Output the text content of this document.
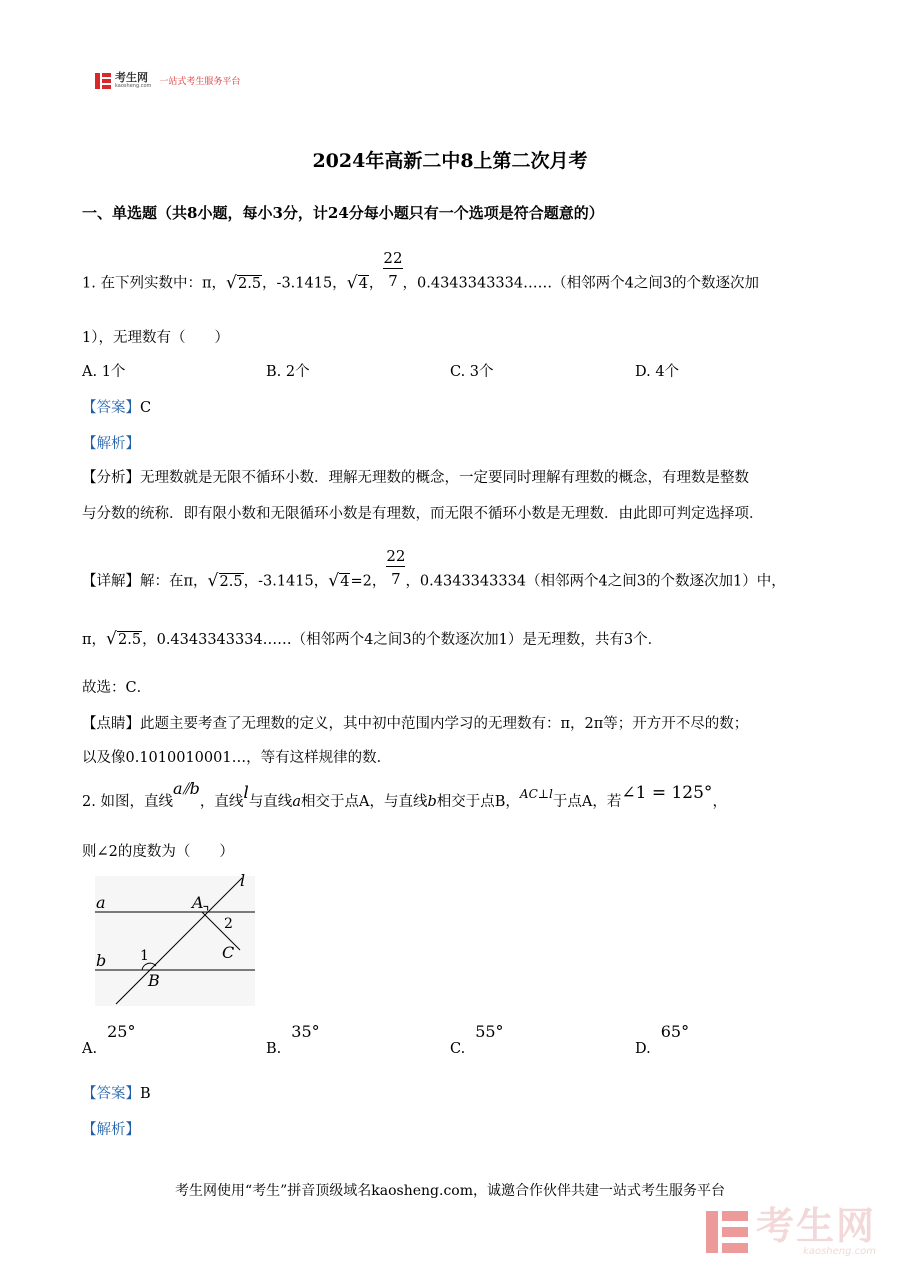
考生网
kaosheng.com 一站式考生服务平台
2024年高新二中8上第二次月考
一、单选题（共8小题，每小3分，计24分每小题只有一个选项是符合题意的）
1. 在下列实数中：π， √ 2.5，-3.1415， √ 4， $\frac{22}{7}$ ，0.4343343334……（相邻两个4之间3的个数逐次加
1），无理数有（　　）
A. 1个	B. 2个	C. 3个	D. 4个
【答案】C
【解析】
【分析】无理数就是无限不循环小数．理解无理数的概念，一定要同时理解有理数的概念，有理数是整数
与分数的统称．即有限小数和无限循环小数是有理数，而无限不循环小数是无理数．由此即可判定选择项．
【详解】解：在π， √ 2.5，-3.1415， √ 4=2， $\frac{22}{7}$ ，0.4343343334（相邻两个4之间3的个数逐次加1）中，
π， √ 2.5，0.4343343334……（相邻两个4之间3的个数逐次加1）是无理数，共有3个．
故选：C．
【点睛】此题主要考查了无理数的定义，其中初中范围内学习的无理数有：π，2π等；开方开不尽的数；
以及像0.1010010001…，等有这样规律的数．
2. 如图，直线a⫽b，直线l与直线a相交于点A，与直线b相交于点B，$^{AC\perp l}$于点A，若∠1 = 125°，
则∠2的度数为（　　）
a
b
l
A
B
C
1
2
A.25°
B.35°
C.55°
D.65°
【答案】B
【解析】
考生网使用“考生”拼音顶级域名kaosheng.com，诚邀合作伙伴共建一站式考生服务平台
考生网
kaosheng.com
